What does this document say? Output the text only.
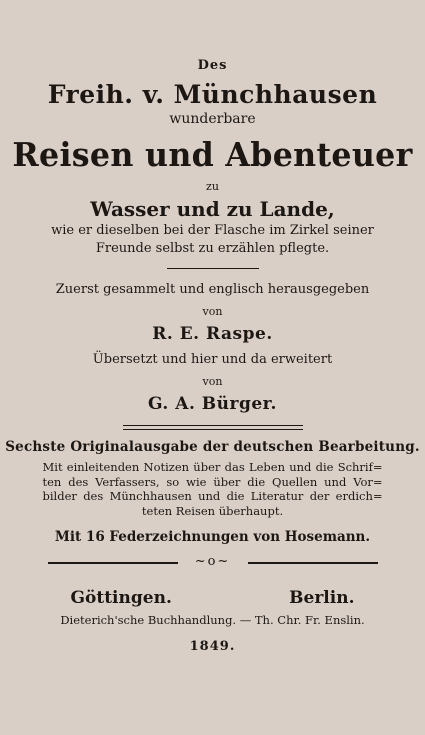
Des
Freih. v. Münchhausen
wunderbare
Reisen und Abenteuer
zu
Wasser und zu Lande,
wie er dieselben bei der Flasche im Zirkel seiner
Freunde selbst zu erzählen pflegte.
Zuerst gesammelt und englisch herausgegeben
von
R. E. Raspe.
Übersetzt und hier und da erweitert
von
G. A. Bürger.
Sechste Originalausgabe der deutschen Bearbeitung.
Mit einleitenden Notizen über das Leben und die Schrif=
ten des Verfassers, so wie über die Quellen und Vor=
bilder des Münchhausen und die Literatur der erdich=
teten Reisen überhaupt.
Mit 16 Federzeichnungen von Hosemann.
~o~
Göttingen.	Berlin.
Dieterich'sche Buchhandlung. — Th. Chr. Fr. Enslin.
1849.
